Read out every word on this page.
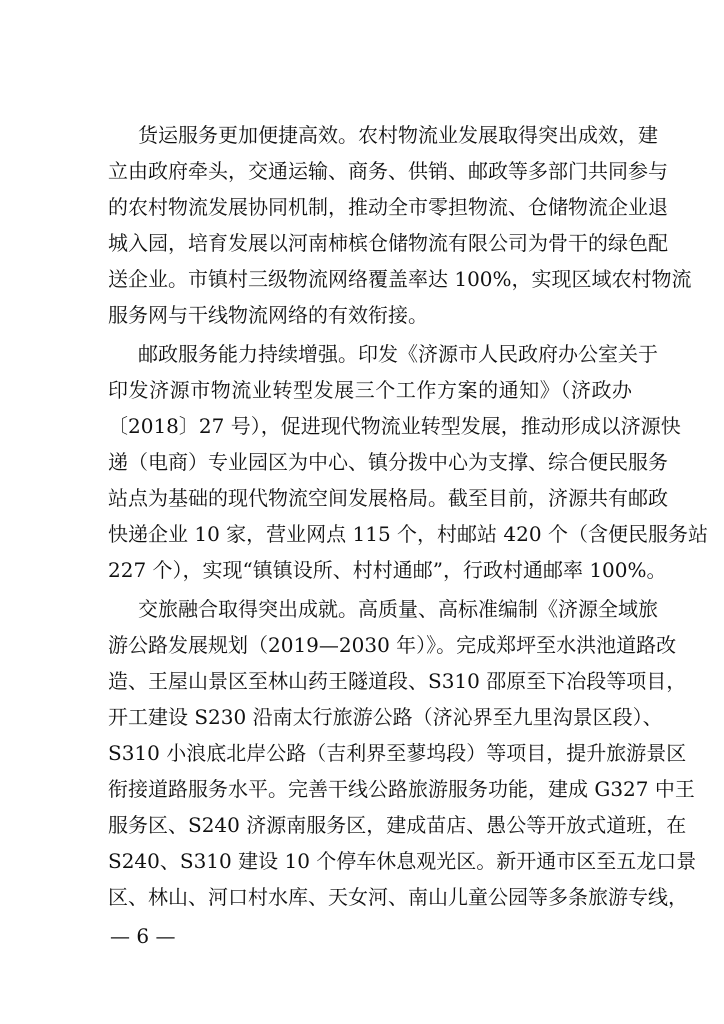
货运服务更加便捷高效。农村物流业发展取得突出成效，建
立由政府牵头，交通运输、商务、供销、邮政等多部门共同参与
的农村物流发展协同机制，推动全市零担物流、仓储物流企业退
城入园，培育发展以河南柿槟仓储物流有限公司为骨干的绿色配
送企业。市镇村三级物流网络覆盖率达 100%，实现区域农村物流
服务网与干线物流网络的有效衔接。
邮政服务能力持续增强。印发《济源市人民政府办公室关于
印发济源市物流业转型发展三个工作方案的通知》（济政办
〔2018〕27 号），促进现代物流业转型发展，推动形成以济源快
递（电商）专业园区为中心、镇分拨中心为支撑、综合便民服务
站点为基础的现代物流空间发展格局。截至目前，济源共有邮政
快递企业 10 家，营业网点 115 个，村邮站 420 个（含便民服务站
227 个），实现“镇镇设所、村村通邮”，行政村通邮率 100%。
交旅融合取得突出成就。高质量、高标准编制《济源全域旅
游公路发展规划（2019—2030 年）》。完成郑坪至水洪池道路改
造、王屋山景区至林山药王隧道段、S310 邵原至下冶段等项目，
开工建设 S230 沿南太行旅游公路（济沁界至九里沟景区段）、
S310 小浪底北岸公路（吉利界至蓼坞段）等项目，提升旅游景区
衔接道路服务水平。完善干线公路旅游服务功能，建成 G327 中王
服务区、S240 济源南服务区，建成苗店、愚公等开放式道班，在
S240、S310 建设 10 个停车休息观光区。新开通市区至五龙口景
区、林山、河口村水库、天女河、南山儿童公园等多条旅游专线，
— 6 —
